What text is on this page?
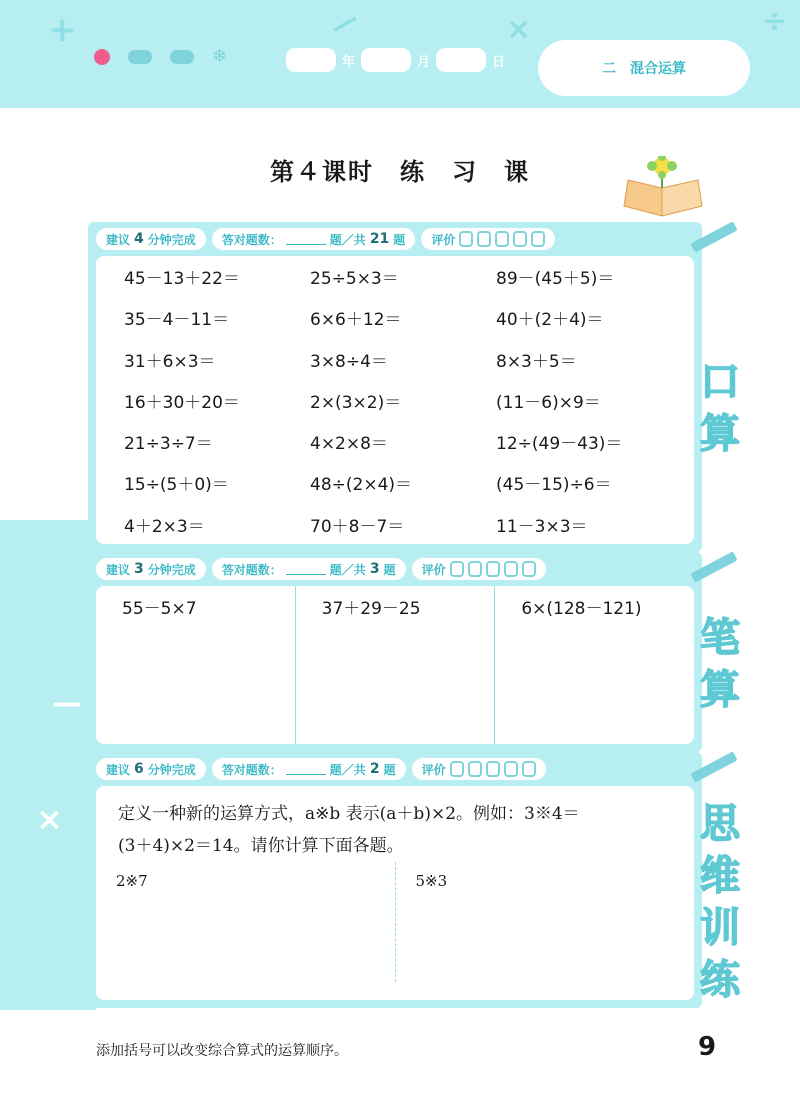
+	—	×	÷
❄	年	月	日	二 混合运算
—
×
第４课时　练　习　课
建议 4 分钟完成 答对题数：	题／共 21 题 评价
45－13＋22＝	25÷5×3＝	89－(45＋5)＝
35－4－11＝	6×6＋12＝	40＋(2＋4)＝
31＋6×3＝	3×8÷4＝	8×3＋5＝
16＋30＋20＝	2×(3×2)＝	(11－6)×9＝
21÷3÷7＝	4×2×8＝	12÷(49－43)＝
15÷(5＋0)＝	48÷(2×4)＝	(45－15)÷6＝
4＋2×3＝	70＋8－7＝	11－3×3＝
建议 3 分钟完成 答对题数：	题／共 3 题 评价
55－5×7	37＋29－25	6×(128－121)
建议 6 分钟完成 答对题数：	题／共 2 题 评价
定义一种新的运算方式，a※b 表示(a＋b)×2。例如：3※4＝
(3＋4)×2＝14。请你计算下面各题。
2※7	5※3
口
算
笔
算
思
维
训
练
添加括号可以改变综合算式的运算顺序。	9
